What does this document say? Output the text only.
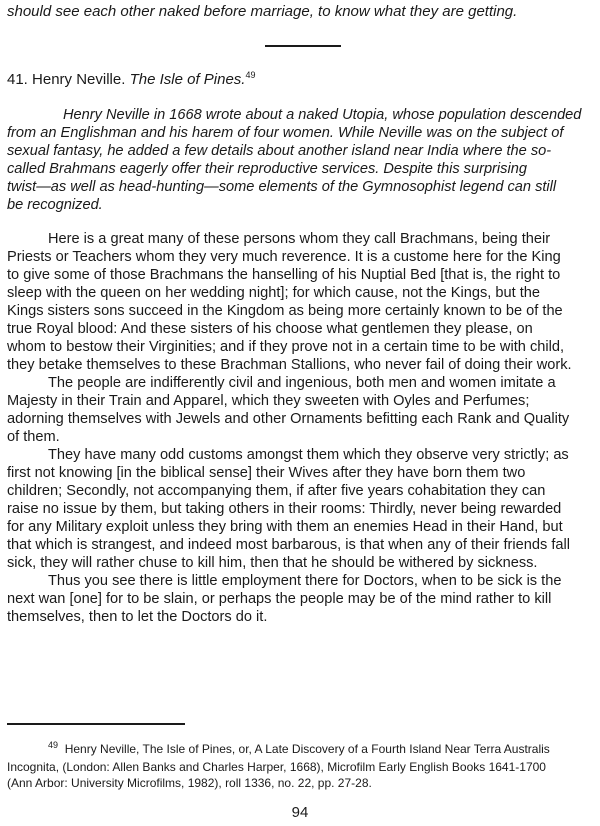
should see each other naked before marriage, to know what they are getting.
41. Henry Neville. The Isle of Pines.$^{49}$
Henry Neville in 1668 wrote about a naked Utopia, whose population descended
from an Englishman and his harem of four women. While Neville was on the subject of
sexual fantasy, he added a few details about another island near India where the so-
called Brahmans eagerly offer their reproductive services. Despite this surprising
twist—as well as head-hunting—some elements of the Gymnosophist legend can still
be recognized.
Here is a great many of these persons whom they call Brachmans, being their
Priests or Teachers whom they very much reverence. It is a custome here for the King
to give some of those Brachmans the hanselling of his Nuptial Bed [that is, the right to
sleep with the queen on her wedding night]; for which cause, not the Kings, but the
Kings sisters sons succeed in the Kingdom as being more certainly known to be of the
true Royal blood: And these sisters of his choose what gentlemen they please, on
whom to bestow their Virginities; and if they prove not in a certain time to be with child,
they betake themselves to these Brachman Stallions, who never fail of doing their work.
The people are indifferently civil and ingenious, both men and women imitate a
Majesty in their Train and Apparel, which they sweeten with Oyles and Perfumes;
adorning themselves with Jewels and other Ornaments befitting each Rank and Quality
of them.
They have many odd customs amongst them which they observe very strictly; as
first not knowing [in the biblical sense] their Wives after they have born them two
children; Secondly, not accompanying them, if after five years cohabitation they can
raise no issue by them, but taking others in their rooms: Thirdly, never being rewarded
for any Military exploit unless they bring with them an enemies Head in their Hand, but
that which is strangest, and indeed most barbarous, is that when any of their friends fall
sick, they will rather chuse to kill him, then that he should be withered by sickness.
Thus you see there is little employment there for Doctors, when to be sick is the
next wan [one] for to be slain, or perhaps the people may be of the mind rather to kill
themselves, then to let the Doctors do it.
$^{49}$ Henry Neville, The Isle of Pines, or, A Late Discovery of a Fourth Island Near Terra Australis
Incognita, (London: Allen Banks and Charles Harper, 1668), Microfilm Early English Books 1641-1700
(Ann Arbor: University Microfilms, 1982), roll 1336, no. 22, pp. 27-28.
94
